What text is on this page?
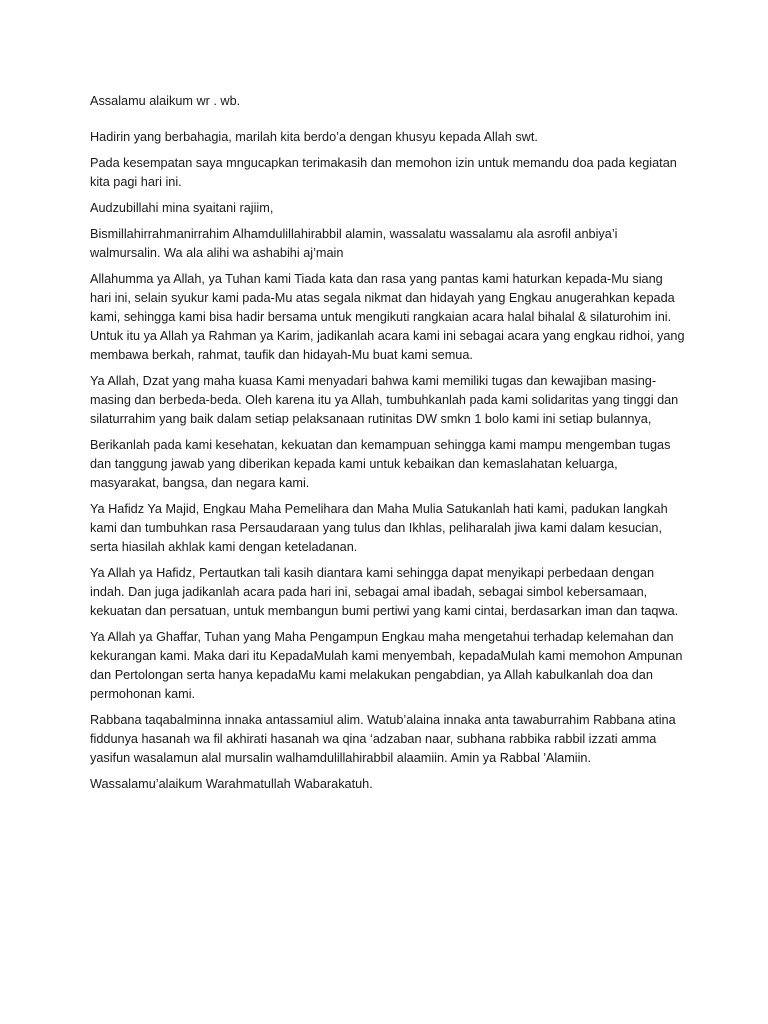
Assalamu alaikum wr . wb.

Hadirin yang berbahagia, marilah kita berdo’a dengan khusyu kepada Allah swt.

Pada kesempatan saya mngucapkan terimakasih dan memohon izin untuk memandu doa pada kegiatan kita pagi hari ini.

Audzubillahi mina syaitani rajiim,

Bismillahirrahmanirrahim Alhamdulillahirabbil alamin, wassalatu wassalamu ala asrofil anbiya’i walmursalin. Wa ala alihi wa ashabihi aj’main

Allahumma ya Allah, ya Tuhan kami Tiada kata dan rasa yang pantas kami haturkan kepada-Mu siang hari ini, selain syukur kami pada-Mu atas segala nikmat dan hidayah yang Engkau anugerahkan kepada kami, sehingga kami bisa hadir bersama untuk mengikuti rangkaian acara halal bihalal & silaturohim ini. Untuk itu ya Allah ya Rahman ya Karim, jadikanlah acara kami ini sebagai acara yang engkau ridhoi, yang membawa berkah, rahmat, taufik dan hidayah-Mu buat kami semua.

Ya Allah, Dzat yang maha kuasa Kami menyadari bahwa kami memiliki tugas dan kewajiban masing-masing dan berbeda-beda. Oleh karena itu ya Allah, tumbuhkanlah pada kami solidaritas yang tinggi dan silaturrahim yang baik dalam setiap pelaksanaan rutinitas DW smkn 1 bolo kami ini setiap bulannya,

Berikanlah pada kami kesehatan, kekuatan dan kemampuan sehingga kami mampu mengemban tugas dan tanggung jawab yang diberikan kepada kami untuk kebaikan dan kemaslahatan keluarga, masyarakat, bangsa, dan negara kami.

Ya Hafidz Ya Majid, Engkau Maha Pemelihara dan Maha Mulia Satukanlah hati kami, padukan langkah kami dan tumbuhkan rasa Persaudaraan yang tulus dan Ikhlas, peliharalah jiwa kami dalam kesucian, serta hiasilah akhlak kami dengan keteladanan.

Ya Allah ya Hafidz, Pertautkan tali kasih diantara kami sehingga dapat menyikapi perbedaan dengan indah. Dan juga jadikanlah acara pada hari ini, sebagai amal ibadah, sebagai simbol kebersamaan, kekuatan dan persatuan, untuk membangun bumi pertiwi yang kami cintai, berdasarkan iman dan taqwa.

Ya Allah ya Ghaffar, Tuhan yang Maha Pengampun Engkau maha mengetahui terhadap kelemahan dan kekurangan kami. Maka dari itu KepadaMulah kami menyembah, kepadaMulah kami memohon Ampunan dan Pertolongan serta hanya kepadaMu kami melakukan pengabdian, ya Allah kabulkanlah doa dan permohonan kami.

Rabbana taqabalminna innaka antassamiul alim. Watub’alaina innaka anta tawaburrahim Rabbana atina fiddunya hasanah wa fil akhirati hasanah wa qina ‘adzaban naar, subhana rabbika rabbil izzati amma yasifun wasalamun alal mursalin walhamdulillahirabbil alaamiin. Amin ya Rabbal 'Alamiin.

Wassalamu’alaikum Warahmatullah Wabarakatuh.
